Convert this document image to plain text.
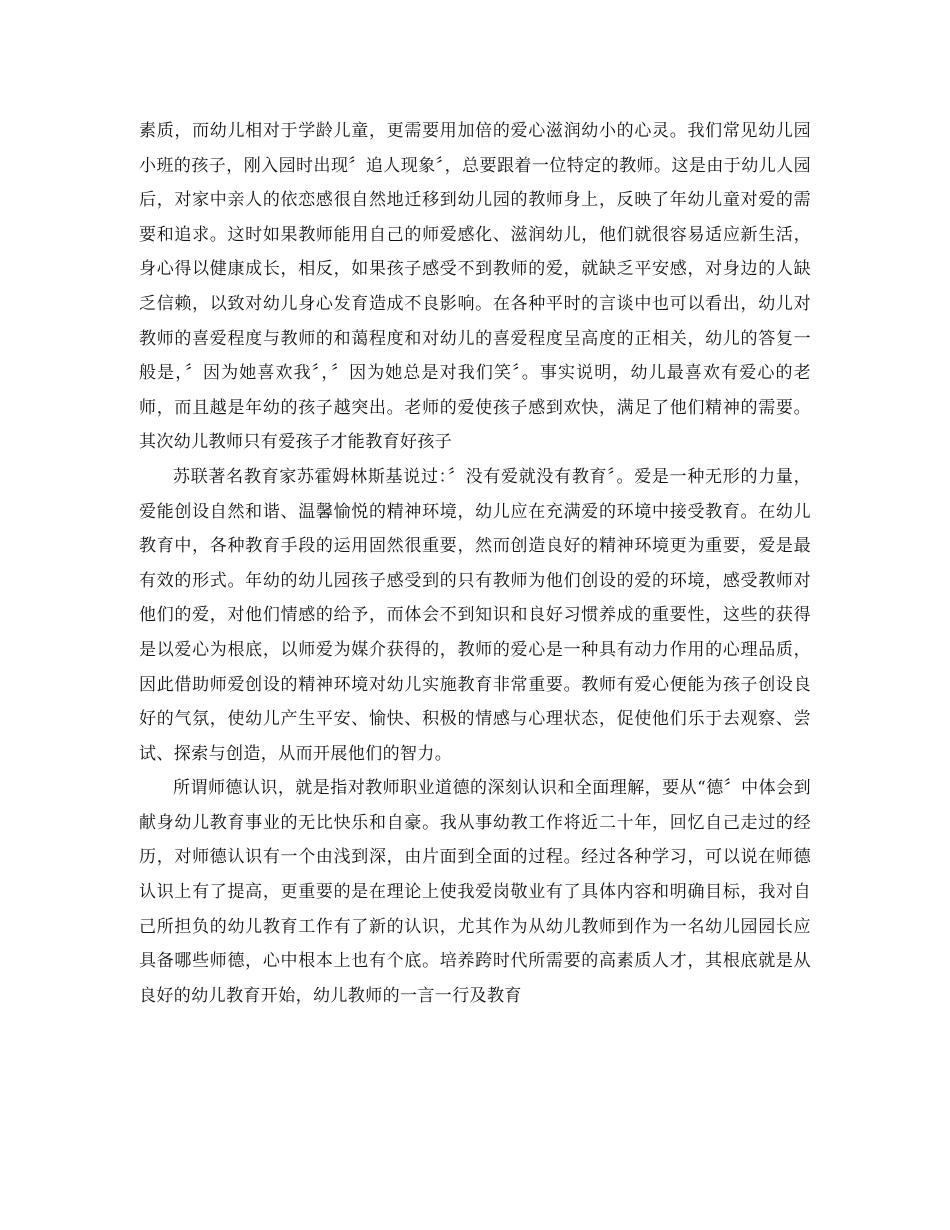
素质，而幼儿相对于学龄儿童，更需要用加倍的爱心滋润幼小的心灵。我们常见幼儿园小班的孩子，刚入园时出现〞追人现象〞，总要跟着一位特定的教师。这是由于幼儿人园后，对家中亲人的依恋感很自然地迁移到幼儿园的教师身上，反映了年幼儿童对爱的需要和追求。这时如果教师能用自己的师爱感化、滋润幼儿，他们就很容易适应新生活，身心得以健康成长，相反，如果孩子感受不到教师的爱，就缺乏平安感，对身边的人缺乏信赖，以致对幼儿身心发育造成不良影响。在各种平时的言谈中也可以看出，幼儿对教师的喜爱程度与教师的和蔼程度和对幼儿的喜爱程度呈高度的正相关，幼儿的答复一般是，〞因为她喜欢我〞，〞因为她总是对我们笑〞。事实说明，幼儿最喜欢有爱心的老师，而且越是年幼的孩子越突出。老师的爱使孩子感到欢快，满足了他们精神的需要。 其次幼儿教师只有爱孩子才能教育好孩子

苏联著名教育家苏霍姆林斯基说过：〞没有爱就没有教育〞。爱是一种无形的力量，爱能创设自然和谐、温馨愉悦的精神环境，幼儿应在充满爱的环境中接受教育。在幼儿教育中，各种教育手段的运用固然很重要，然而创造良好的精神环境更为重要，爱是最有效的形式。年幼的幼儿园孩子感受到的只有教师为他们创设的爱的环境，感受教师对他们的爱，对他们情感的给予，而体会不到知识和良好习惯养成的重要性，这些的获得是以爱心为根底，以师爱为媒介获得的，教师的爱心是一种具有动力作用的心理品质，因此借助师爱创设的精神环境对幼儿实施教育非常重要。教师有爱心便能为孩子创设良好的气氛，使幼儿产生平安、愉快、积极的情感与心理状态，促使他们乐于去观察、尝试、探索与创造，从而开展他们的智力。

所谓师德认识，就是指对教师职业道德的深刻认识和全面理解，要从“德〞中体会到献身幼儿教育事业的无比快乐和自豪。我从事幼教工作将近二十年，回忆自己走过的经历，对师德认识有一个由浅到深，由片面到全面的过程。经过各种学习，可以说在师德认识上有了提高，更重要的是在理论上使我爱岗敬业有了具体内容和明确目标，我对自己所担负的幼儿教育工作有了新的认识，尤其作为从幼儿教师到作为一名幼儿园园长应具备哪些师德，心中根本上也有个底。培养跨时代所需要的高素质人才，其根底就是从良好的幼儿教育开始，幼儿教师的一言一行及教育
